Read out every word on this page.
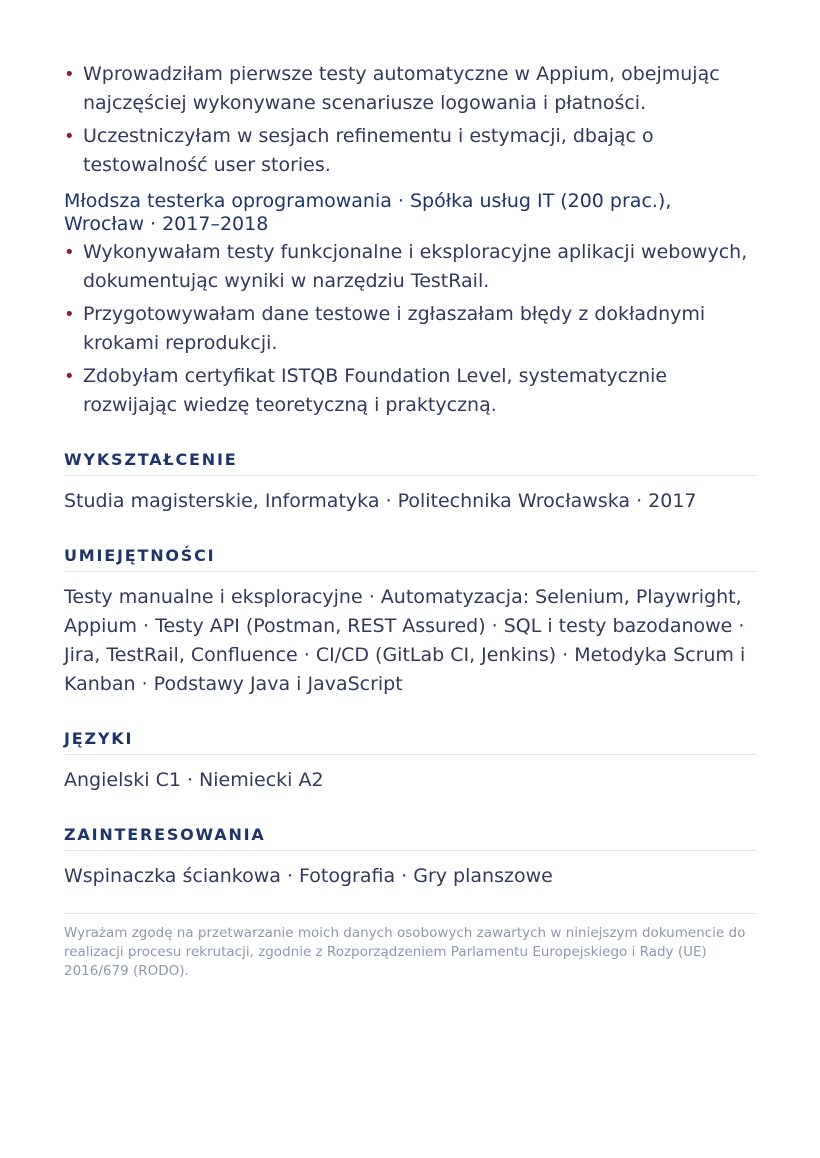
• Wprowadziłam pierwsze testy automatyczne w Appium, obejmując najczęściej wykonywane scenariusze logowania i płatności.
• Uczestniczyłam w sesjach refinementu i estymacji, dbając o testowalność user stories.
Młodsza testerka oprogramowania · Spółka usług IT (200 prac.), Wrocław · 2017–2018
• Wykonywałam testy funkcjonalne i eksploracyjne aplikacji webowych, dokumentując wyniki w narzędziu TestRail.
• Przygotowywałam dane testowe i zgłaszałam błędy z dokładnymi krokami reprodukcji.
• Zdobyłam certyfikat ISTQB Foundation Level, systematycznie rozwijając wiedzę teoretyczną i praktyczną.
WYKSZTAŁCENIE
Studia magisterskie, Informatyka · Politechnika Wrocławska · 2017
UMIEJĘTNOŚCI
Testy manualne i eksploracyjne · Automatyzacja: Selenium, Playwright, Appium · Testy API (Postman, REST Assured) · SQL i testy bazodanowe · Jira, TestRail, Confluence · CI/CD (GitLab CI, Jenkins) · Metodyka Scrum i Kanban · Podstawy Java i JavaScript
JĘZYKI
Angielski C1 · Niemiecki A2
ZAINTERESOWANIA
Wspinaczka ściankowa · Fotografia · Gry planszowe
Wyrażam zgodę na przetwarzanie moich danych osobowych zawartych w niniejszym dokumencie do realizacji procesu rekrutacji, zgodnie z Rozporządzeniem Parlamentu Europejskiego i Rady (UE) 2016/679 (RODO).
